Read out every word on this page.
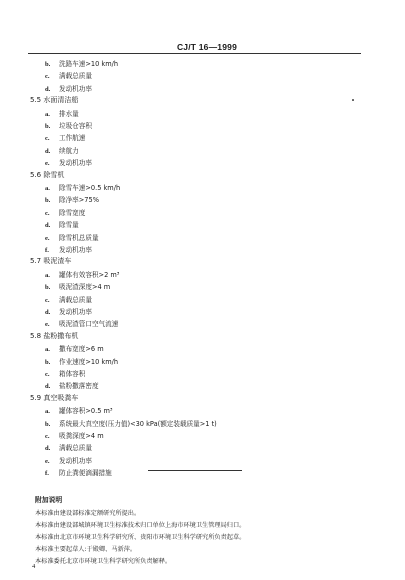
CJ/T 16—1999
b. 洗路车速>10 km/h
c. 满载总质量
d. 发动机功率
5.5 水面清洁船
a. 排水量
b. 垃圾仓容积
c. 工作航速
d. 续航力
e. 发动机功率
5.6 除雪机
a. 除雪车速>0.5 km/h
b. 除净率>75%
c. 除雪宽度
d. 除雪量
e. 除雪机总质量
f. 发动机功率
5.7 吸泥渣车
a. 罐体有效容积>2 m³
b. 吸泥渣深度>4 m
c. 满载总质量
d. 发动机功率
e. 吸泥渣管口空气流速
5.8 盐粉撒布机
a. 撒布宽度>6 m
b. 作业速度>10 km/h
c. 箱体容积
d. 盐粉撒落密度
5.9 真空吸粪车
a. 罐体容积>0.5 m³
b. 系统最大真空度(压力值)<30 kPa(额定装载质量>1 t)
c. 吸粪深度>4 m
d. 满载总质量
e. 发动机功率
f. 防止粪便滴漏措施
附加说明
本标准由建设部标准定额研究所提出。
本标准由建设部城镇环境卫生标准技术归口单位上海市环境卫生管理局归口。
本标准由北京市环境卫生科学研究所、贵阳市环境卫生科学研究所负责起草。
本标准主要起草人:于殿卿、马新萍。
本标准委托北京市环境卫生科学研究所负责解释。
4
